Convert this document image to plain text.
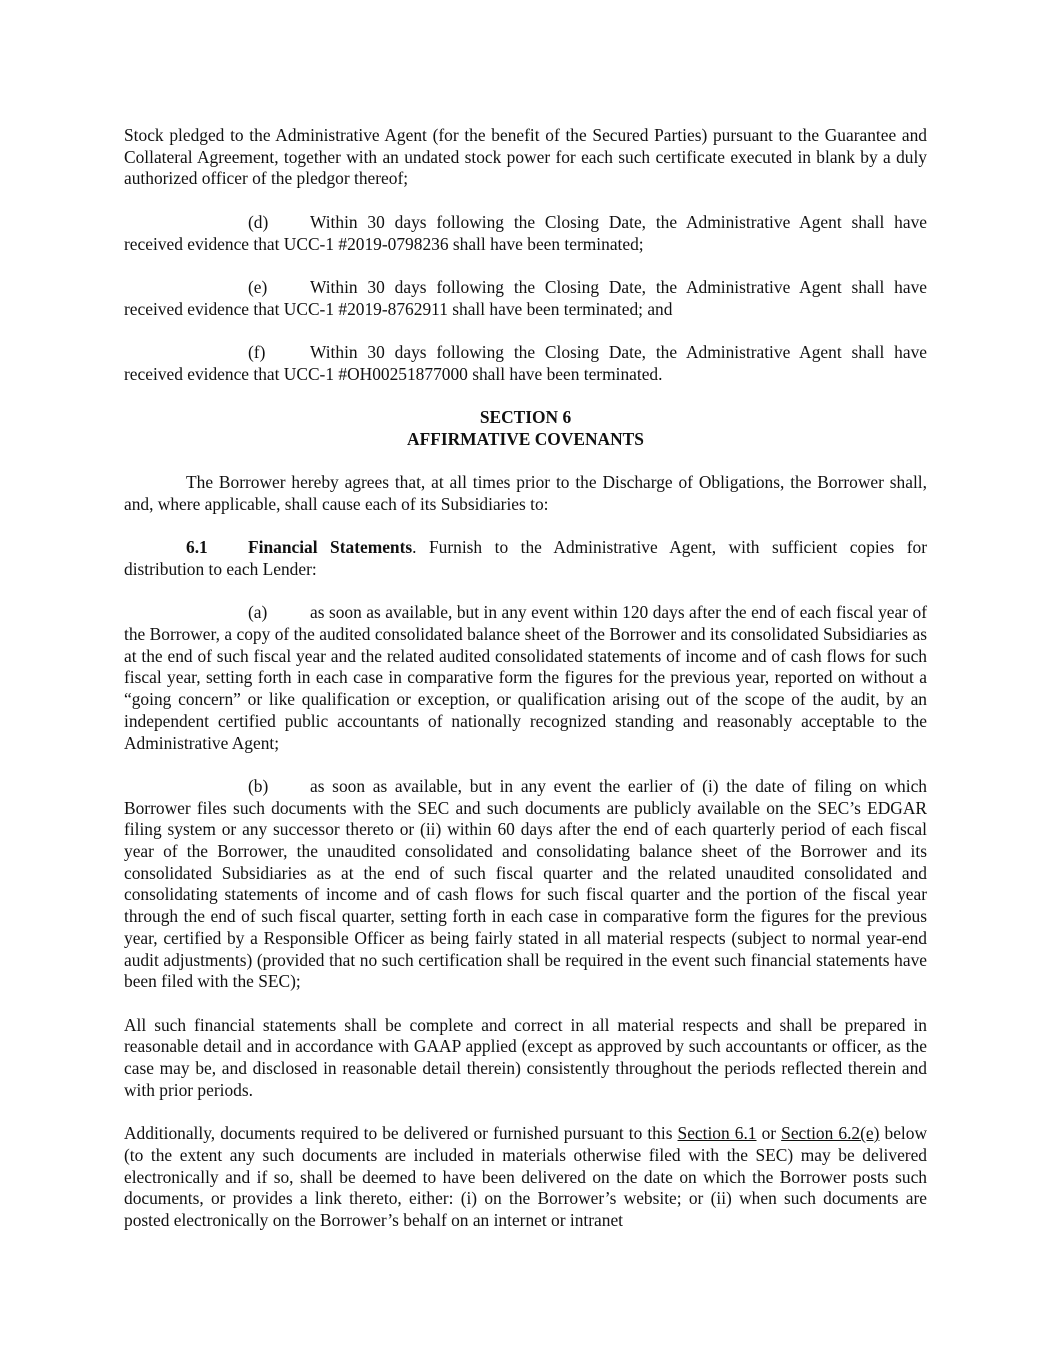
Stock pledged to the Administrative Agent (for the benefit of the Secured Parties) pursuant to the Guarantee and Collateral Agreement, together with an undated stock power for each such certificate executed in blank by a duly authorized officer of the pledgor thereof;

(d) Within 30 days following the Closing Date, the Administrative Agent shall have received evidence that UCC-1 #2019-0798236 shall have been terminated;

(e) Within 30 days following the Closing Date, the Administrative Agent shall have received evidence that UCC-1 #2019-8762911 shall have been terminated; and

(f)	Within 30 days following the Closing Date, the Administrative Agent shall have received evidence that UCC-1 #OH00251877000 shall have been terminated.

SECTION 6
AFFIRMATIVE COVENANTS

The Borrower hereby agrees that, at all times prior to the Discharge of Obligations, the Borrower shall, and, where applicable, shall cause each of its Subsidiaries to:

6.1 Financial Statements. Furnish to the Administrative Agent, with sufficient copies for distribution to each Lender:

(a) as soon as available, but in any event within 120 days after the end of each fiscal year of the Borrower, a copy of the audited consolidated balance sheet of the Borrower and its consolidated Subsidiaries as at the end of such fiscal year and the related audited consolidated statements of income and of cash flows for such fiscal year, setting forth in each case in comparative form the figures for the previous year, reported on without a “going concern” or like qualification or exception, or qualification arising out of the scope of the audit, by an independent certified public accountants of nationally recognized standing and reasonably acceptable to the Administrative Agent;

(b) as soon as available, but in any event the earlier of (i) the date of filing on which Borrower files such documents with the SEC and such documents are publicly available on the SEC’s EDGAR filing system or any successor thereto or (ii) within 60 days after the end of each quarterly period of each fiscal year of the Borrower, the unaudited consolidated and consolidating balance sheet of the Borrower and its consolidated Subsidiaries as at the end of such fiscal quarter and the related unaudited consolidated and consolidating statements of income and of cash flows for such fiscal quarter and the portion of the fiscal year through the end of such fiscal quarter, setting forth in each case in comparative form the figures for the previous year, certified by a Responsible Officer as being fairly stated in all material respects (subject to normal year-end audit adjustments) (provided that no such certification shall be required in the event such financial statements have been filed with the SEC);

All such financial statements shall be complete and correct in all material respects and shall be prepared in reasonable detail and in accordance with GAAP applied (except as approved by such accountants or officer, as the case may be, and disclosed in reasonable detail therein) consistently throughout the periods reflected therein and with prior periods.

Additionally, documents required to be delivered or furnished pursuant to this Section 6.1 or Section 6.2(e) below (to the extent any such documents are included in materials otherwise filed with the SEC) may be delivered electronically and if so, shall be deemed to have been delivered on the date on which the Borrower posts such documents, or provides a link thereto, either: (i) on the Borrower’s website; or (ii) when such documents are posted electronically on the Borrower’s behalf on an internet or intranet
